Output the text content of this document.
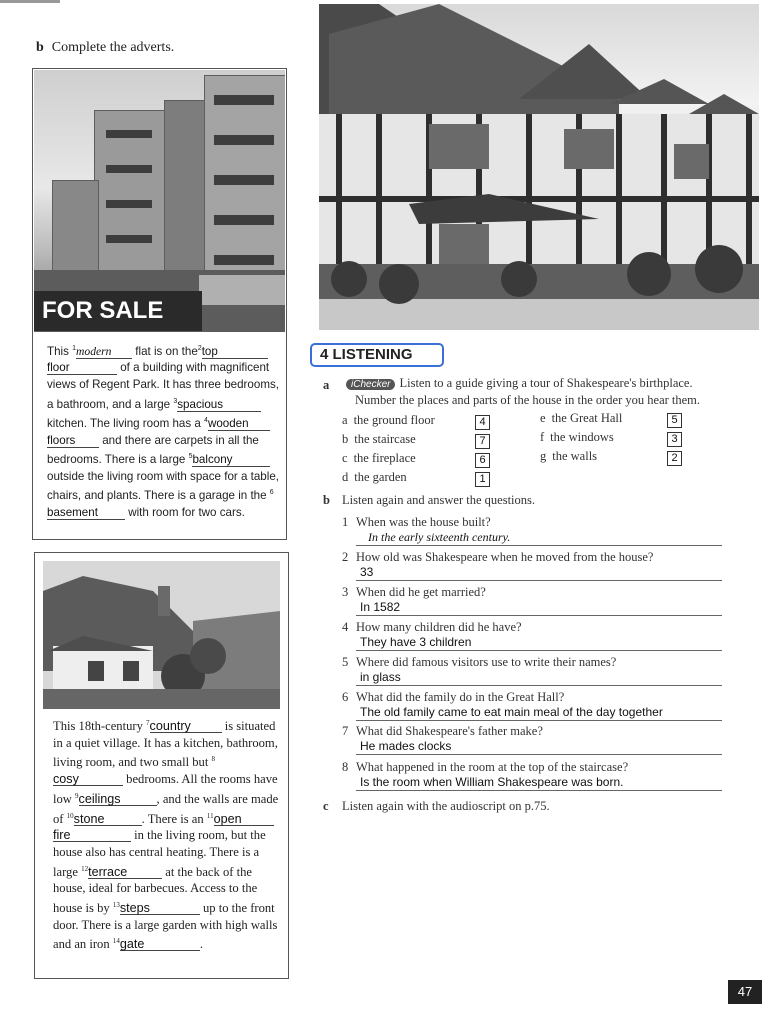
b Complete the adverts.
FOR SALE
This $^1$modern flat is on the$^2$top floor	of a building with magnificent views of Regent Park. It has three bedrooms, a bathroom, and a large $^3$spacious kitchen. The living room has a $^4$woodenfloors and there are carpets in all the bedrooms. There is a large $^5$balcony outside the living room with space for a table, chairs, and plants. There is a garage in the $^6$basement	with room for two cars.
4 LISTENING
a	iChecker Listen to a guide giving a tour of Shakespeare's birthplace.
Number the places and parts of the house in the order you hear them.
a the ground floor	4
b the staircase	7
c the fireplace	6
d the garden	1
e the Great Hall	5
f the windows	3
g the walls	2
b Listen again and answer the questions.
1 When was the house built?
In the early sixteenth century.
2 How old was Shakespeare when he moved from the house?
33
3 When did he get married?
In 1582
4 How many children did he have?
They have 3 children
5 Where did famous visitors use to write their names?
in glass
6 What did the family do in the Great Hall?
The old family came to eat main meal of the day together
7 What did Shakespeare's father make?
He mades clocks
8 What happened in the room at the top of the staircase?
Is the room when William Shakespeare was born.
c Listen again with the audioscript on p.75.
This 18th-century $^7$country	is situated in a quiet village. It has a kitchen, bathroom, living room, and two small but $^8$cosy	bedrooms. All the rooms have low $^9$ceilings	, and the walls are made of $^{10}$stone	. There is an $^{11}$openfire	in the living room, but the house also has central heating. There is a large $^{12}$terrace	at the back of the house, ideal for barbecues. Access to the house is by $^{13}$steps	up to the front door. There is a large garden with high walls and an iron $^{14}$gate	.
47
